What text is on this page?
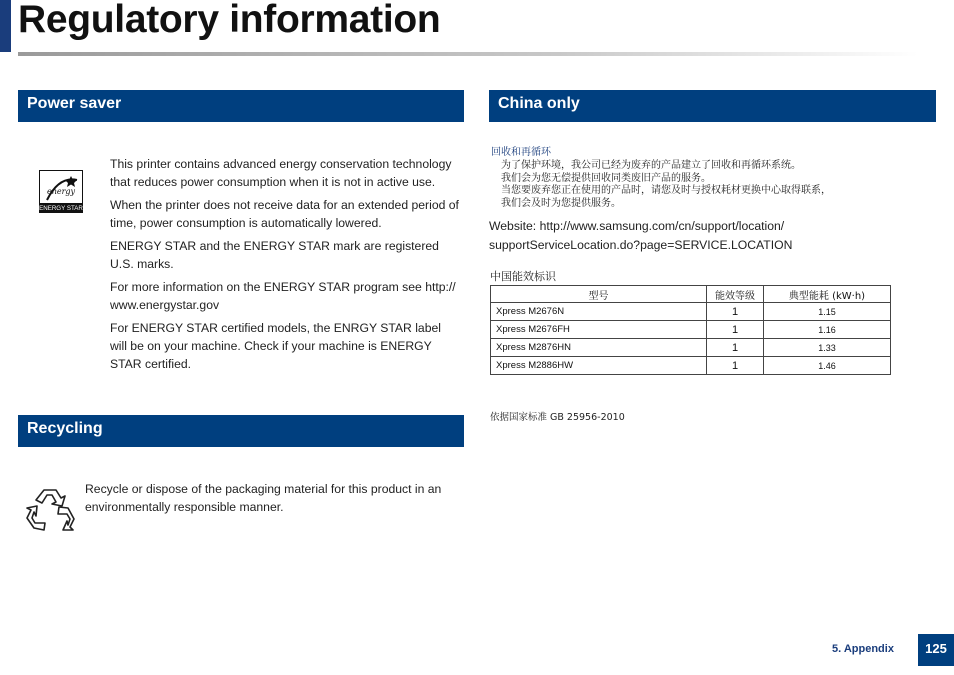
Regulatory information
Power saver
energy
ENERGY STAR

This printer contains advanced energy conservation technology that reduces power consumption when it is not in active use.

When the printer does not receive data for an extended period of time, power consumption is automatically lowered.

ENERGY STAR and the ENERGY STAR mark are registered U.S. marks.

For more information on the ENERGY STAR program see http:// www.energystar.gov

For ENERGY STAR certified models, the ENRGY STAR label will be on your machine. Check if your machine is ENERGY STAR certified.

Recycling
Recycle or dispose of the packaging material for this product in an environmentally responsible manner.
China only
回收和再循环
为了保护环境，我公司已经为废弃的产品建立了回收和再循环系统。
我们会为您无偿提供回收同类废旧产品的服务。
当您要废弃您正在使用的产品时，请您及时与授权耗材更换中心取得联系，
我们会及时为您提供服务。
Website: http://www.samsung.com/cn/support/location/ supportServiceLocation.do?page=SERVICE.LOCATION
中国能效标识
型号	能效等级	典型能耗 (kW·h)
Xpress M2676N	1	1.15
Xpress M2676FH	1	1.16
Xpress M2876HN	1	1.33
Xpress M2886HW	1	1.46
依据国家标准 GB 25956-2010
5. Appendix	125
